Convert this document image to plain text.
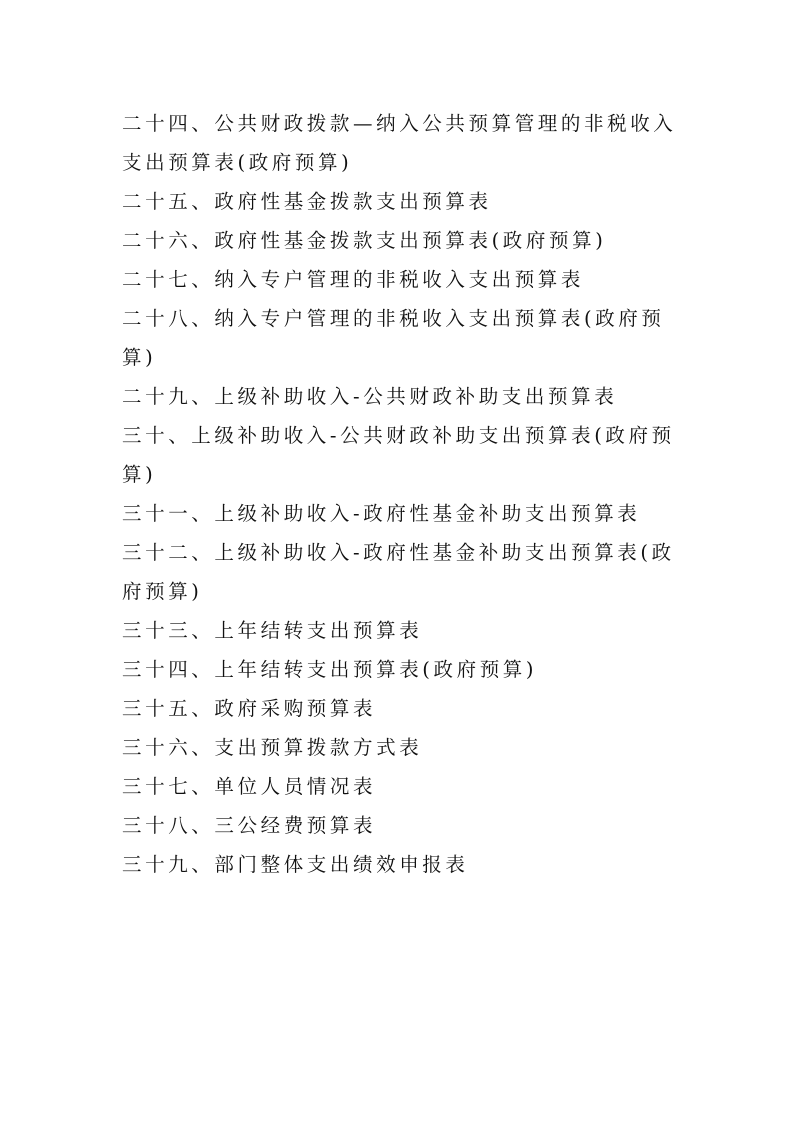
二十四、公共财政拨款—纳入公共预算管理的非税收入支出预算表(政府预算)
二十五、政府性基金拨款支出预算表
二十六、政府性基金拨款支出预算表(政府预算)
二十七、纳入专户管理的非税收入支出预算表
二十八、纳入专户管理的非税收入支出预算表(政府预算)
二十九、上级补助收入-公共财政补助支出预算表
三十、上级补助收入-公共财政补助支出预算表(政府预算)
三十一、上级补助收入-政府性基金补助支出预算表
三十二、上级补助收入-政府性基金补助支出预算表(政府预算)
三十三、上年结转支出预算表
三十四、上年结转支出预算表(政府预算)
三十五、政府采购预算表
三十六、支出预算拨款方式表
三十七、单位人员情况表
三十八、三公经费预算表
三十九、部门整体支出绩效申报表
